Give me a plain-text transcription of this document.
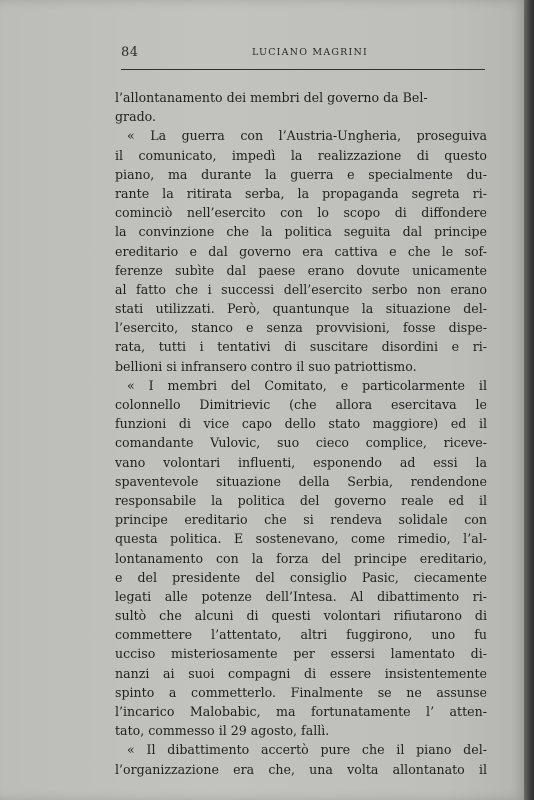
84	LUCIANO MAGRINI
l’allontanamento dei membri del governo da Bel-
grado.
« La guerra con l’Austria-Ungheria, proseguiva
il comunicato, impedì la realizzazione di questo
piano, ma durante la guerra e specialmente du-
rante la ritirata serba, la propaganda segreta ri-
cominciò nell’esercito con lo scopo di diffondere
la convinzione che la politica seguita dal principe
ereditario e dal governo era cattiva e che le sof-
ferenze subìte dal paese erano dovute unicamente
al fatto che i successi dell’esercito serbo non erano
stati utilizzati. Però, quantunque la situazione del-
l’esercito, stanco e senza provvisioni, fosse dispe-
rata, tutti i tentativi di suscitare disordini e ri-
bellioni si infransero contro il suo patriottismo.
« I membri del Comitato, e particolarmente il
colonnello Dimitrievic (che allora esercitava le
funzioni di vice capo dello stato maggiore) ed il
comandante Vulovic, suo cieco complice, riceve-
vano volontari influenti, esponendo ad essi la
spaventevole situazione della Serbia, rendendone
responsabile la politica del governo reale ed il
principe ereditario che si rendeva solidale con
questa politica. E sostenevano, come rimedio, l’al-
lontanamento con la forza del principe ereditario,
e del presidente del consiglio Pasic, ciecamente
legati alle potenze dell’Intesa. Al dibattimento ri-
sultò che alcuni di questi volontari rifiutarono di
commettere l’attentato, altri fuggirono, uno fu
ucciso misteriosamente per essersi lamentato di-
nanzi ai suoi compagni di essere insistentemente
spinto a commetterlo. Finalmente se ne assunse
l’incarico Malobabic, ma fortunatamente l’ atten-
tato, commesso il 29 agosto, fallì.
« Il dibattimento accertò pure che il piano del-
l’organizzazione era che, una volta allontanato il
